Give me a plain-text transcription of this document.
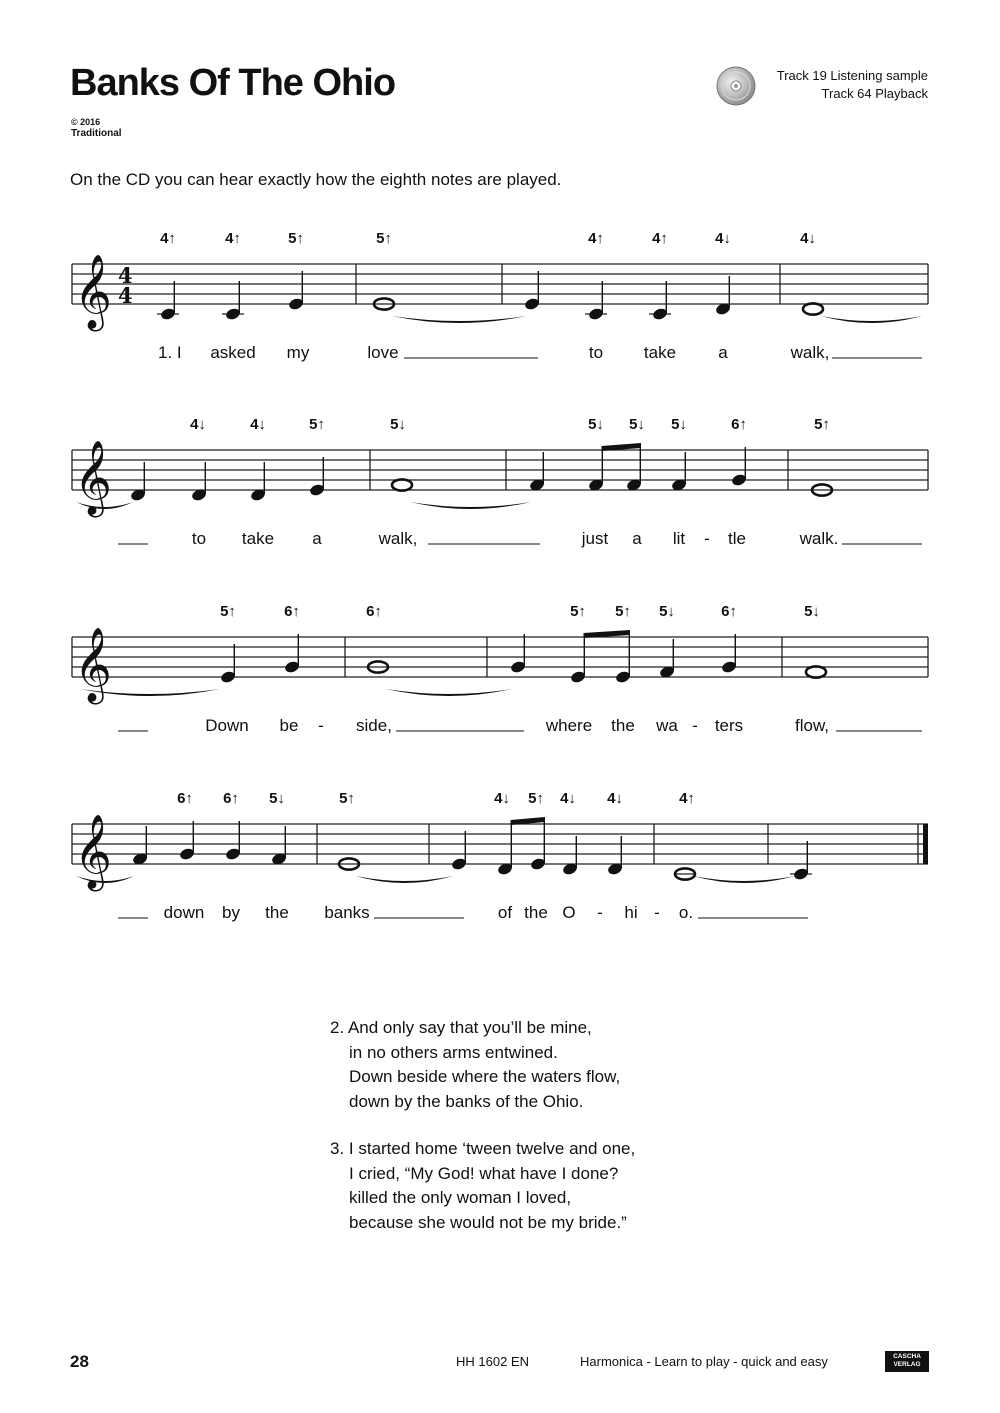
Banks Of The Ohio
© 2016
Traditional
Track 19 Listening sample
Track 64 Playback
On the CD you can hear exactly how the eighth notes are played.
𝄞 4
4
4↑	4↑	5↑	5↑	4↑	4↑	4↓	4↓
1. I asked my	love	to take a	walk,
𝄞
4↓	4↓	5↑	5↓	5↓ 5↓ 5↓	6↑	5↑
to take a	walk,	just a lit - tle	walk.
𝄞
5↑	6↑	6↑	5↑ 5↑ 5↓	6↑	5↓
Down be - side,	where the wa - ters	flow,
𝄞
6↑ 6↑ 5↓	5↑	4↓ 5↑ 4↓ 4↓	4↑
down by the banks	of the O - hi - o.
2. And only say that you’ll be mine,
in no others arms entwined.
Down beside where the waters flow,
down by the banks of the Ohio.
3. I started home ‘tween twelve and one,
I cried, “My God! what have I done?
killed the only woman I loved,
because she would not be my bride.”
28	HH 1602 EN	Harmonica - Learn to play - quick and easy	CASCHA
VERLAG
